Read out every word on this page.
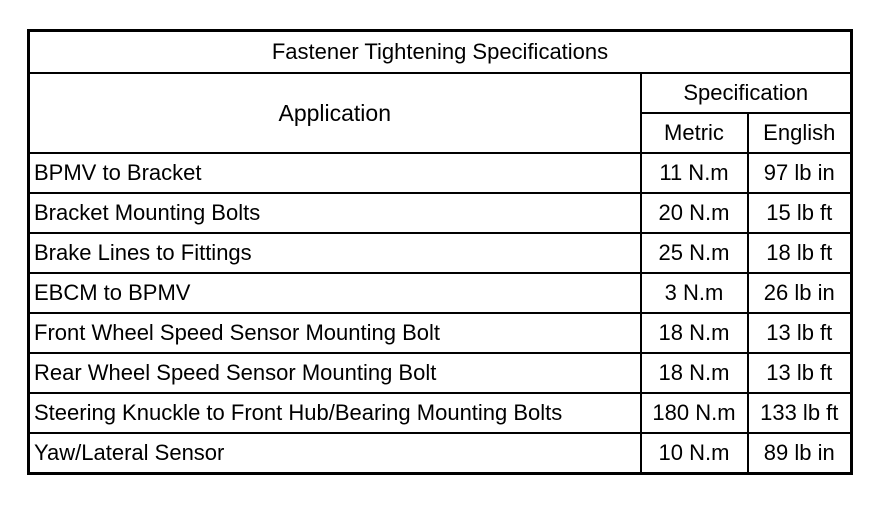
Fastener Tightening Specifications		
Application	Specification	
	Metric	English
BPMV to Bracket	11 N.m	97 lb in
Bracket Mounting Bolts	20 N.m	15 lb ft
Brake Lines to Fittings	25 N.m	18 lb ft
EBCM to BPMV	3 N.m	26 lb in
Front Wheel Speed Sensor Mounting Bolt	18 N.m	13 lb ft
Rear Wheel Speed Sensor Mounting Bolt	18 N.m	13 lb ft
Steering Knuckle to Front Hub/Bearing Mounting Bolts	180 N.m	133 lb ft
Yaw/Lateral Sensor	10 N.m	89 lb in
